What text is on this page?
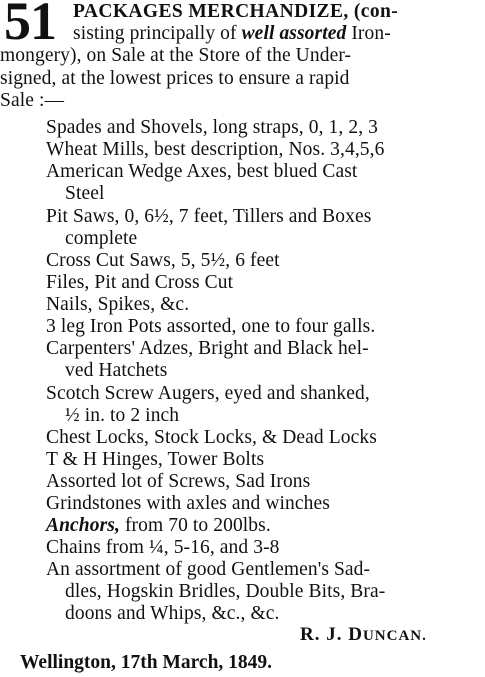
51 PACKAGES MERCHANDIZE, (con-
sisting principally of well assorted Iron-
mongery), on Sale at the Store of the Under-
signed, at the lowest prices to ensure a rapid
Sale :—
Spades and Shovels, long straps, 0, 1, 2, 3
Wheat Mills, best description, Nos. 3,4,5,6
American Wedge Axes, best blued Cast
Steel
Pit Saws, 0, 6½, 7 feet, Tillers and Boxes
complete
Cross Cut Saws, 5, 5½, 6 feet
Files, Pit and Cross Cut
Nails, Spikes, &c.
3 leg Iron Pots assorted, one to four galls.
Carpenters' Adzes, Bright and Black hel-
ved Hatchets
Scotch Screw Augers, eyed and shanked,
½ in. to 2 inch
Chest Locks, Stock Locks, & Dead Locks
T & H Hinges, Tower Bolts
Assorted lot of Screws, Sad Irons
Grindstones with axles and winches
Anchors, from 70 to 200lbs.
Chains from ¼, 5-16, and 3-8
An assortment of good Gentlemen's Sad-
dles, Hogskin Bridles, Double Bits, Bra-
doons and Whips, &c., &c.
R. J. DUNCAN.
Wellington, 17th March, 1849.
